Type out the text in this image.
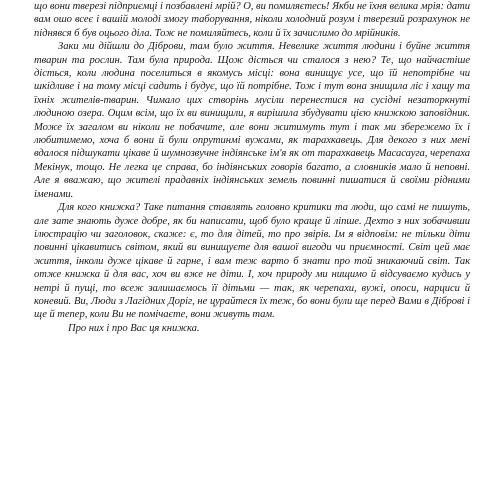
що вони тверезі підприємці і позбавлені мрій? О, ви помиляєтесь! Якби не їхня велика мрія: дати вам ошо всеє і вашій молоді змогу таборування, ніколи холодний розум і тверезий розрахунок не піднявся б був оцього діла. Тож не помиляйтесь, коли й їх зачислимо до мрійників.

Заки ми дійшли до Діброви, там було життя. Невелике життя людини і буйне життя тварин та рослин. Там була природа. Щож дісться чи сталося з нею? Те, що найчастіше дісться, коли людина поселиться в якомусь місці: вона винищує усе, що їй непотрібне чи шкідливе і на тому місці садить і будує, що їй потрібне. Тож і тут вона знищила ліс і хащу та їхніх жителів-тварин. Чимало цих створінь мусіли перенестися на сусідні незаторкнуті людиною озера. Оцим всім, що їх ви винищили, я вирішила збудувати цією книжкою заповідник. Може їх загалом ви ніколи не побачите, але вони житимуть тут і так ми збережемо їх і любитимемо, хоча б вони й були опрутинмі вужами, як тарахкавець. Для декого з них мені вдалося підшукати цікаве й шумнозвучне індіянське ім'я як от тарахкавець Масасауга, черепаха Мекінук, тощо. Не легка це справа, бо індіянських говорів багато, а словників мало й неповні. Але я вважаю, що жителі прадавніх індіянських земель повинні пишатися й своїми рідними іменами.

Для кого книжка? Таке питання ставлять головно критики та люди, що самі не пишуть, але зате знають дуже добре, як би написати, щоб було краще й ліпше. Дехто з них зобачивши ілюстрацію чи заголовок, скаже: є, то для дітей, то про звірів. Ім я відповім: не тільки діти повинні цікавитись світом, який ви винищуєте для вашої вигоди чи приємності. Світ цей має життя, інколи дуже цікаве й гарне, і вам теж варто б знати про той зникаючий світ. Так отже книжка й для вас, хоч ви вже не діти. І, хоч природу ми нищимо й відсуваємо кудись у нетрі й пущі, то всеж залишаємось її дітьми — так, як черепахи, вужі, опоси, нарциси й коневий. Ви, Люди з Лагідних Доріг, не цурайтеся їх теж, бо вони були ще перед Вами в Діброві і ще й тепер, коли Ви не помічаєте, вони живуть там.

Про них і про Вас ця книжка.
